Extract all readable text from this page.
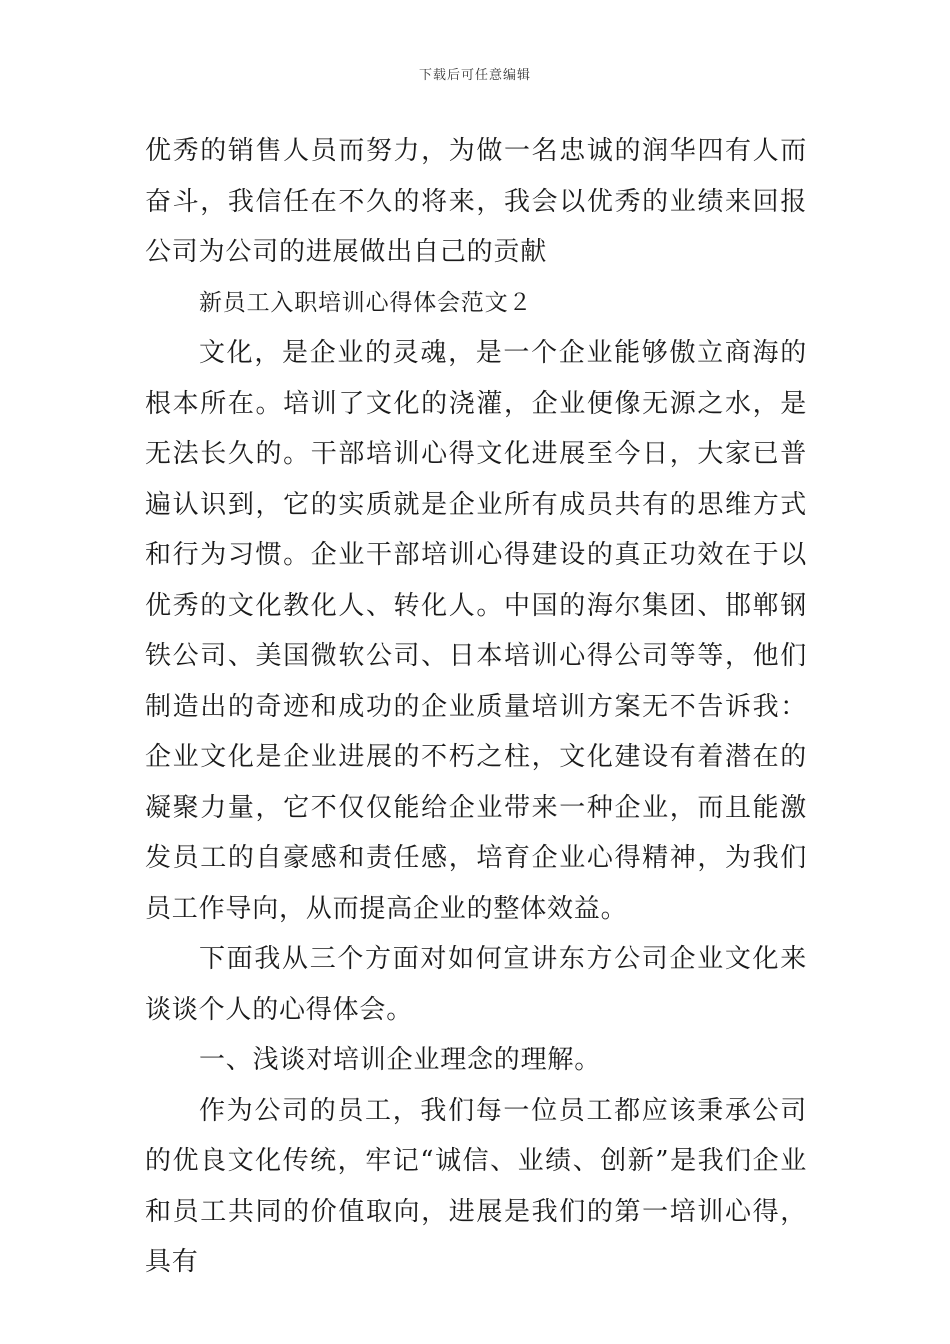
下载后可任意编辑

优秀的销售人员而努力，为做一名忠诚的润华四有人而奋斗，我信任在不久的将来，我会以优秀的业绩来回报公司为公司的进展做出自己的贡献

新员工入职培训心得体会范文２

文化，是企业的灵魂，是一个企业能够傲立商海的根本所在。培训了文化的浇灌，企业便像无源之水，是无法长久的。干部培训心得文化进展至今日，大家已普遍认识到，它的实质就是企业所有成员共有的思维方式和行为习惯。企业干部培训心得建设的真正功效在于以优秀的文化教化人、转化人。中国的海尔集团、邯郸钢铁公司、美国微软公司、日本培训心得公司等等，他们制造出的奇迹和成功的企业质量培训方案无不告诉我：企业文化是企业进展的不朽之柱，文化建设有着潜在的凝聚力量，它不仅仅能给企业带来一种企业，而且能激发员工的自豪感和责任感，培育企业心得精神，为我们员工作导向，从而提高企业的整体效益。

下面我从三个方面对如何宣讲东方公司企业文化来谈谈个人的心得体会。

一、浅谈对培训企业理念的理解。

作为公司的员工，我们每一位员工都应该秉承公司的优良文化传统，牢记“诚信、业绩、创新”是我们企业和员工共同的价值取向，进展是我们的第一培训心得，具有
